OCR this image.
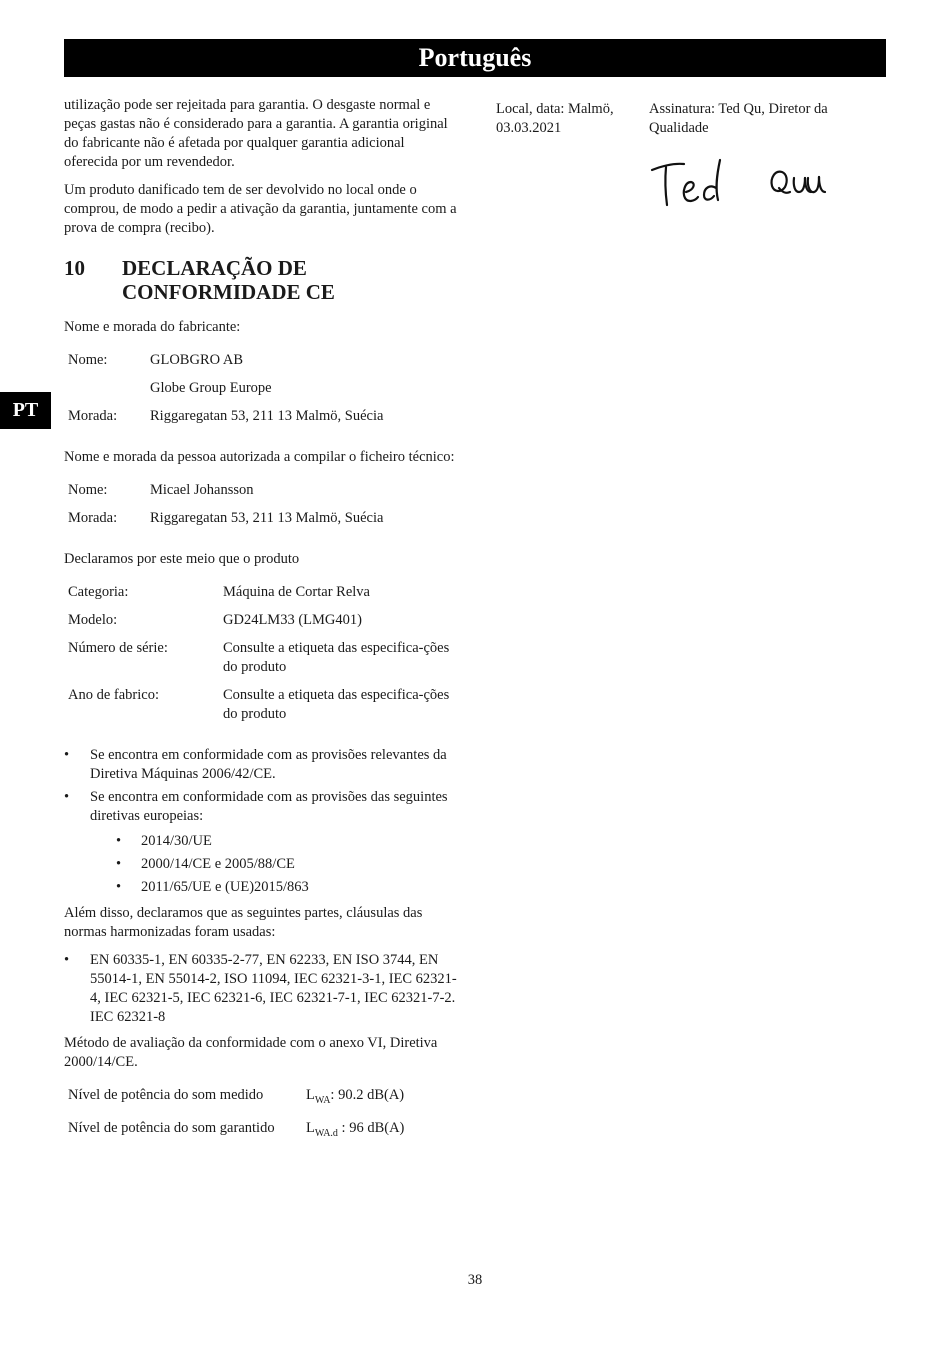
Português
PT

utilização pode ser rejeitada para garantia. O desgaste normal e peças gastas não é considerado para a garantia. A garantia original do fabricante não é afetada por qualquer garantia adicional oferecida por um revendedor.

Um produto danificado tem de ser devolvido no local onde o comprou, de modo a pedir a ativação da garantia, juntamente com a prova de compra (recibo).

10	DECLARAÇÃO DE CONFORMIDADE CE

Nome e morada do fabricante:

Nome:	GLOBGRO AB
Globe Group Europe
Morada:	Riggaregatan 53, 211 13 Malmö, Suécia

Nome e morada da pessoa autorizada a compilar o ficheiro técnico:

Nome:	Micael Johansson
Morada:	Riggaregatan 53, 211 13 Malmö, Suécia

Declaramos por este meio que o produto

Categoria:	Máquina de Cortar Relva
Modelo:	GD24LM33 (LMG401)
Número de série:	Consulte a etiqueta das especifica-ções do produto
Ano de fabrico:	Consulte a etiqueta das especifica-ções do produto
• Se encontra em conformidade com as provisões relevantes da Diretiva Máquinas 2006/42/CE.
• Se encontra em conformidade com as provisões das seguintes diretivas europeias:
• 2014/30/UE
• 2000/14/CE e 2005/88/CE
• 2011/65/UE e (UE)2015/863

Além disso, declaramos que as seguintes partes, cláusulas das normas harmonizadas foram usadas:

• EN 60335-1, EN 60335-2-77, EN 62233, EN ISO 3744, EN 55014-1, EN 55014-2, ISO 11094, IEC 62321-3-1, IEC 62321-4, IEC 62321-5, IEC 62321-6, IEC 62321-7-1, IEC 62321-7-2. IEC 62321-8

Método de avaliação da conformidade com o anexo VI, Diretiva 2000/14/CE.

Nível de potência do som medido	$L_{WA}$: 90.2 dB(A)
Nível de potência do som garantido	$L_{WA.d}$ : 96 dB(A)
Local, data: Malmö, 03.03.2021
Assinatura: Ted Qu, Diretor da Qualidade
38
